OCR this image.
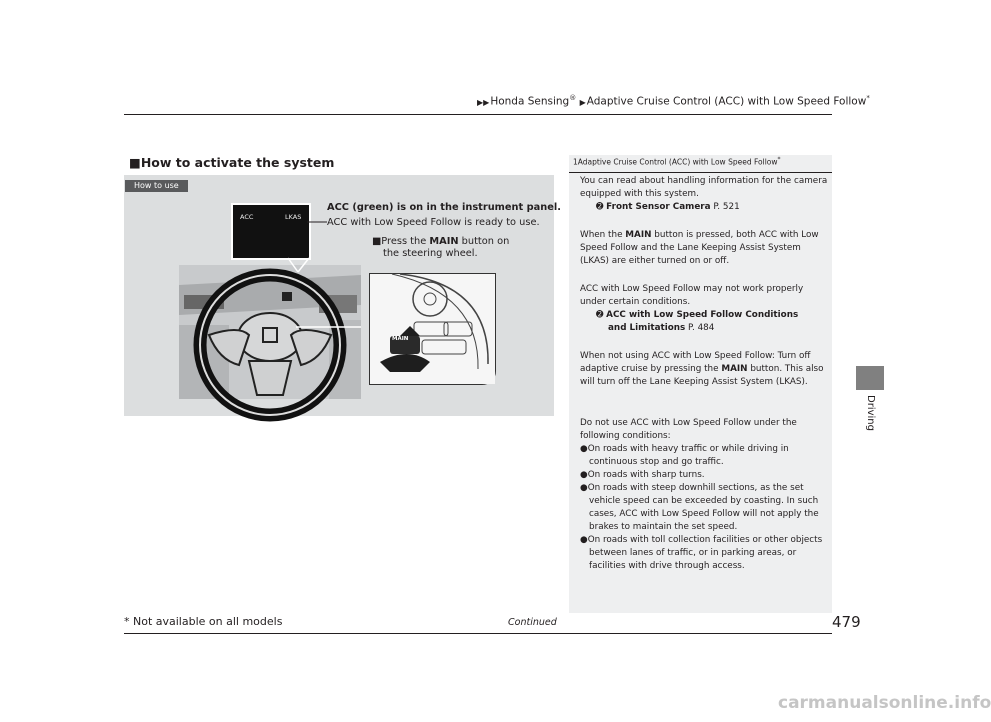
▶▶Honda Sensing® ▶Adaptive Cruise Control (ACC) with Low Speed Follow*
Driving
■How to activate the system
How to use
ACC	LKAS
ACC (green) is on in the instrument panel.
ACC with Low Speed Follow is ready to use.
■Press the MAIN button on
the steering wheel.
MAIN
1Adaptive Cruise Control (ACC) with Low Speed Follow*
You can read about handling information for the camera equipped with this system.
➋ Front Sensor Camera P. 521
When the MAIN button is pressed, both ACC with Low Speed Follow and the Lane Keeping Assist System (LKAS) are either turned on or off.
ACC with Low Speed Follow may not work properly under certain conditions.
➋ ACC with Low Speed Follow Conditions
and Limitations P. 484
When not using ACC with Low Speed Follow: Turn off adaptive cruise by pressing the MAIN button. This also will turn off the Lane Keeping Assist System (LKAS).
Do not use ACC with Low Speed Follow under the following conditions:
●On roads with heavy traffic or while driving in continuous stop and go traffic.
●On roads with sharp turns.
●On roads with steep downhill sections, as the set vehicle speed can be exceeded by coasting. In such cases, ACC with Low Speed Follow will not apply the brakes to maintain the set speed.
●On roads with toll collection facilities or other objects between lanes of traffic, or in parking areas, or facilities with drive through access.
* Not available on all models	Continued	479
carmanualsonline.info
